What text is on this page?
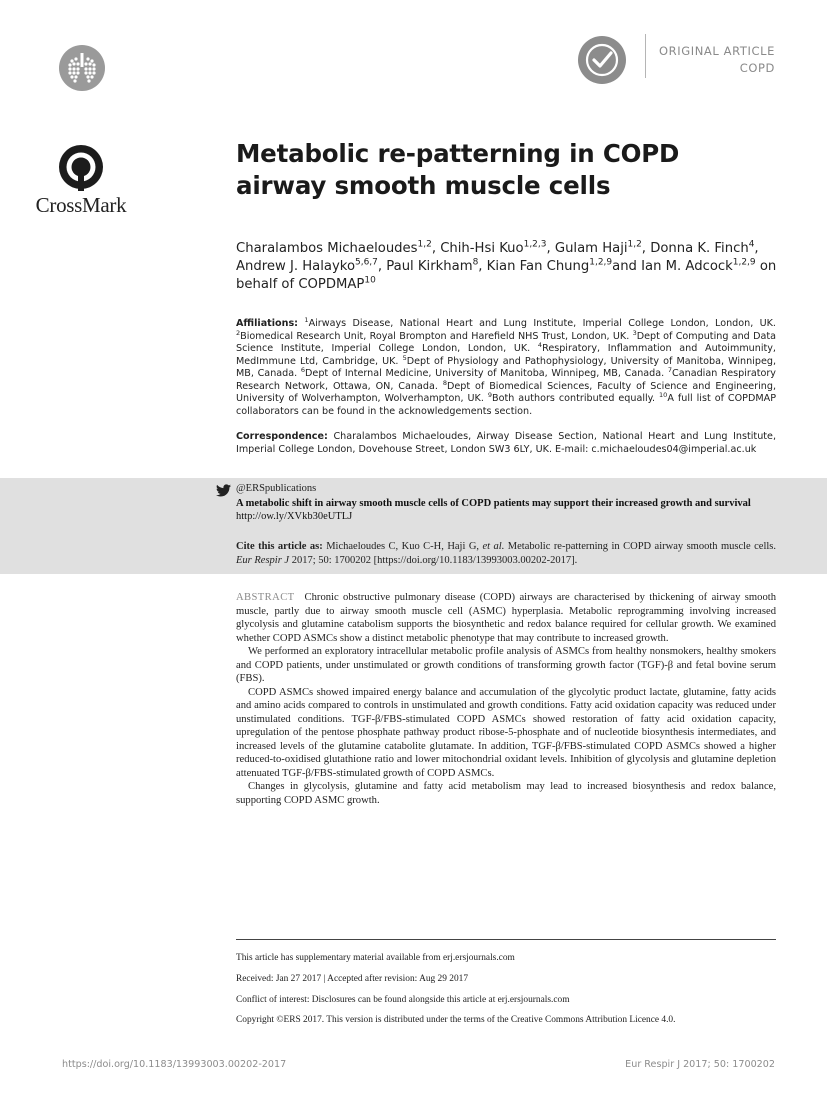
ORIGINAL ARTICLE
COPD
CrossMark
Metabolic re-patterning in COPD airway smooth muscle cells
Charalambos Michaeloudes$^{1,2}$, Chih-Hsi Kuo$^{1,2,3}$, Gulam Haji$^{1,2}$, Donna K. Finch$^4$, Andrew J. Halayko$^{5,6,7}$, Paul Kirkham$^8$, Kian Fan Chung$^{1,2,9}$and Ian M. Adcock$^{1,2,9}$ on behalf of COPDMAP$^{10}$
Affiliations: $^1$Airways Disease, National Heart and Lung Institute, Imperial College London, London, UK. $^2$Biomedical Research Unit, Royal Brompton and Harefield NHS Trust, London, UK. $^3$Dept of Computing and Data Science Institute, Imperial College London, London, UK. $^4$Respiratory, Inflammation and Autoimmunity, MedImmune Ltd, Cambridge, UK. $^5$Dept of Physiology and Pathophysiology, University of Manitoba, Winnipeg, MB, Canada. $^6$Dept of Internal Medicine, University of Manitoba, Winnipeg, MB, Canada. $^7$Canadian Respiratory Research Network, Ottawa, ON, Canada. $^8$Dept of Biomedical Sciences, Faculty of Science and Engineering, University of Wolverhampton, Wolverhampton, UK. $^9$Both authors contributed equally. $^{10}$A full list of COPDMAP collaborators can be found in the acknowledgements section.
Correspondence: Charalambos Michaeloudes, Airway Disease Section, National Heart and Lung Institute, Imperial College London, Dovehouse Street, London SW3 6LY, UK. E-mail: c.michaeloudes04@imperial.ac.uk
@ERSpublications
A metabolic shift in airway smooth muscle cells of COPD patients may support their increased growth and survival http://ow.ly/XVkb30eUTLJ
Cite this article as: Michaeloudes C, Kuo C-H, Haji G, et al. Metabolic re-patterning in COPD airway smooth muscle cells. Eur Respir J 2017; 50: 1700202 [https://doi.org/10.1183/13993003.00202-2017].

ABSTRACT Chronic obstructive pulmonary disease (COPD) airways are characterised by thickening of airway smooth muscle, partly due to airway smooth muscle cell (ASMC) hyperplasia. Metabolic reprogramming involving increased glycolysis and glutamine catabolism supports the biosynthetic and redox balance required for cellular growth. We examined whether COPD ASMCs show a distinct metabolic phenotype that may contribute to increased growth.

We performed an exploratory intracellular metabolic profile analysis of ASMCs from healthy nonsmokers, healthy smokers and COPD patients, under unstimulated or growth conditions of transforming growth factor (TGF)-β and fetal bovine serum (FBS).

COPD ASMCs showed impaired energy balance and accumulation of the glycolytic product lactate, glutamine, fatty acids and amino acids compared to controls in unstimulated and growth conditions. Fatty acid oxidation capacity was reduced under unstimulated conditions. TGF-β/FBS-stimulated COPD ASMCs showed restoration of fatty acid oxidation capacity, upregulation of the pentose phosphate pathway product ribose-5-phosphate and of nucleotide biosynthesis intermediates, and increased levels of the glutamine catabolite glutamate. In addition, TGF-β/FBS-stimulated COPD ASMCs showed a higher reduced-to-oxidised glutathione ratio and lower mitochondrial oxidant levels. Inhibition of glycolysis and glutamine depletion attenuated TGF-β/FBS-stimulated growth of COPD ASMCs.

Changes in glycolysis, glutamine and fatty acid metabolism may lead to increased biosynthesis and redox balance, supporting COPD ASMC growth.

This article has supplementary material available from erj.ersjournals.com
Received: Jan 27 2017 | Accepted after revision: Aug 29 2017
Conflict of interest: Disclosures can be found alongside this article at erj.ersjournals.com
Copyright ©ERS 2017. This version is distributed under the terms of the Creative Commons Attribution Licence 4.0.
https://doi.org/10.1183/13993003.00202-2017	Eur Respir J 2017; 50: 1700202
